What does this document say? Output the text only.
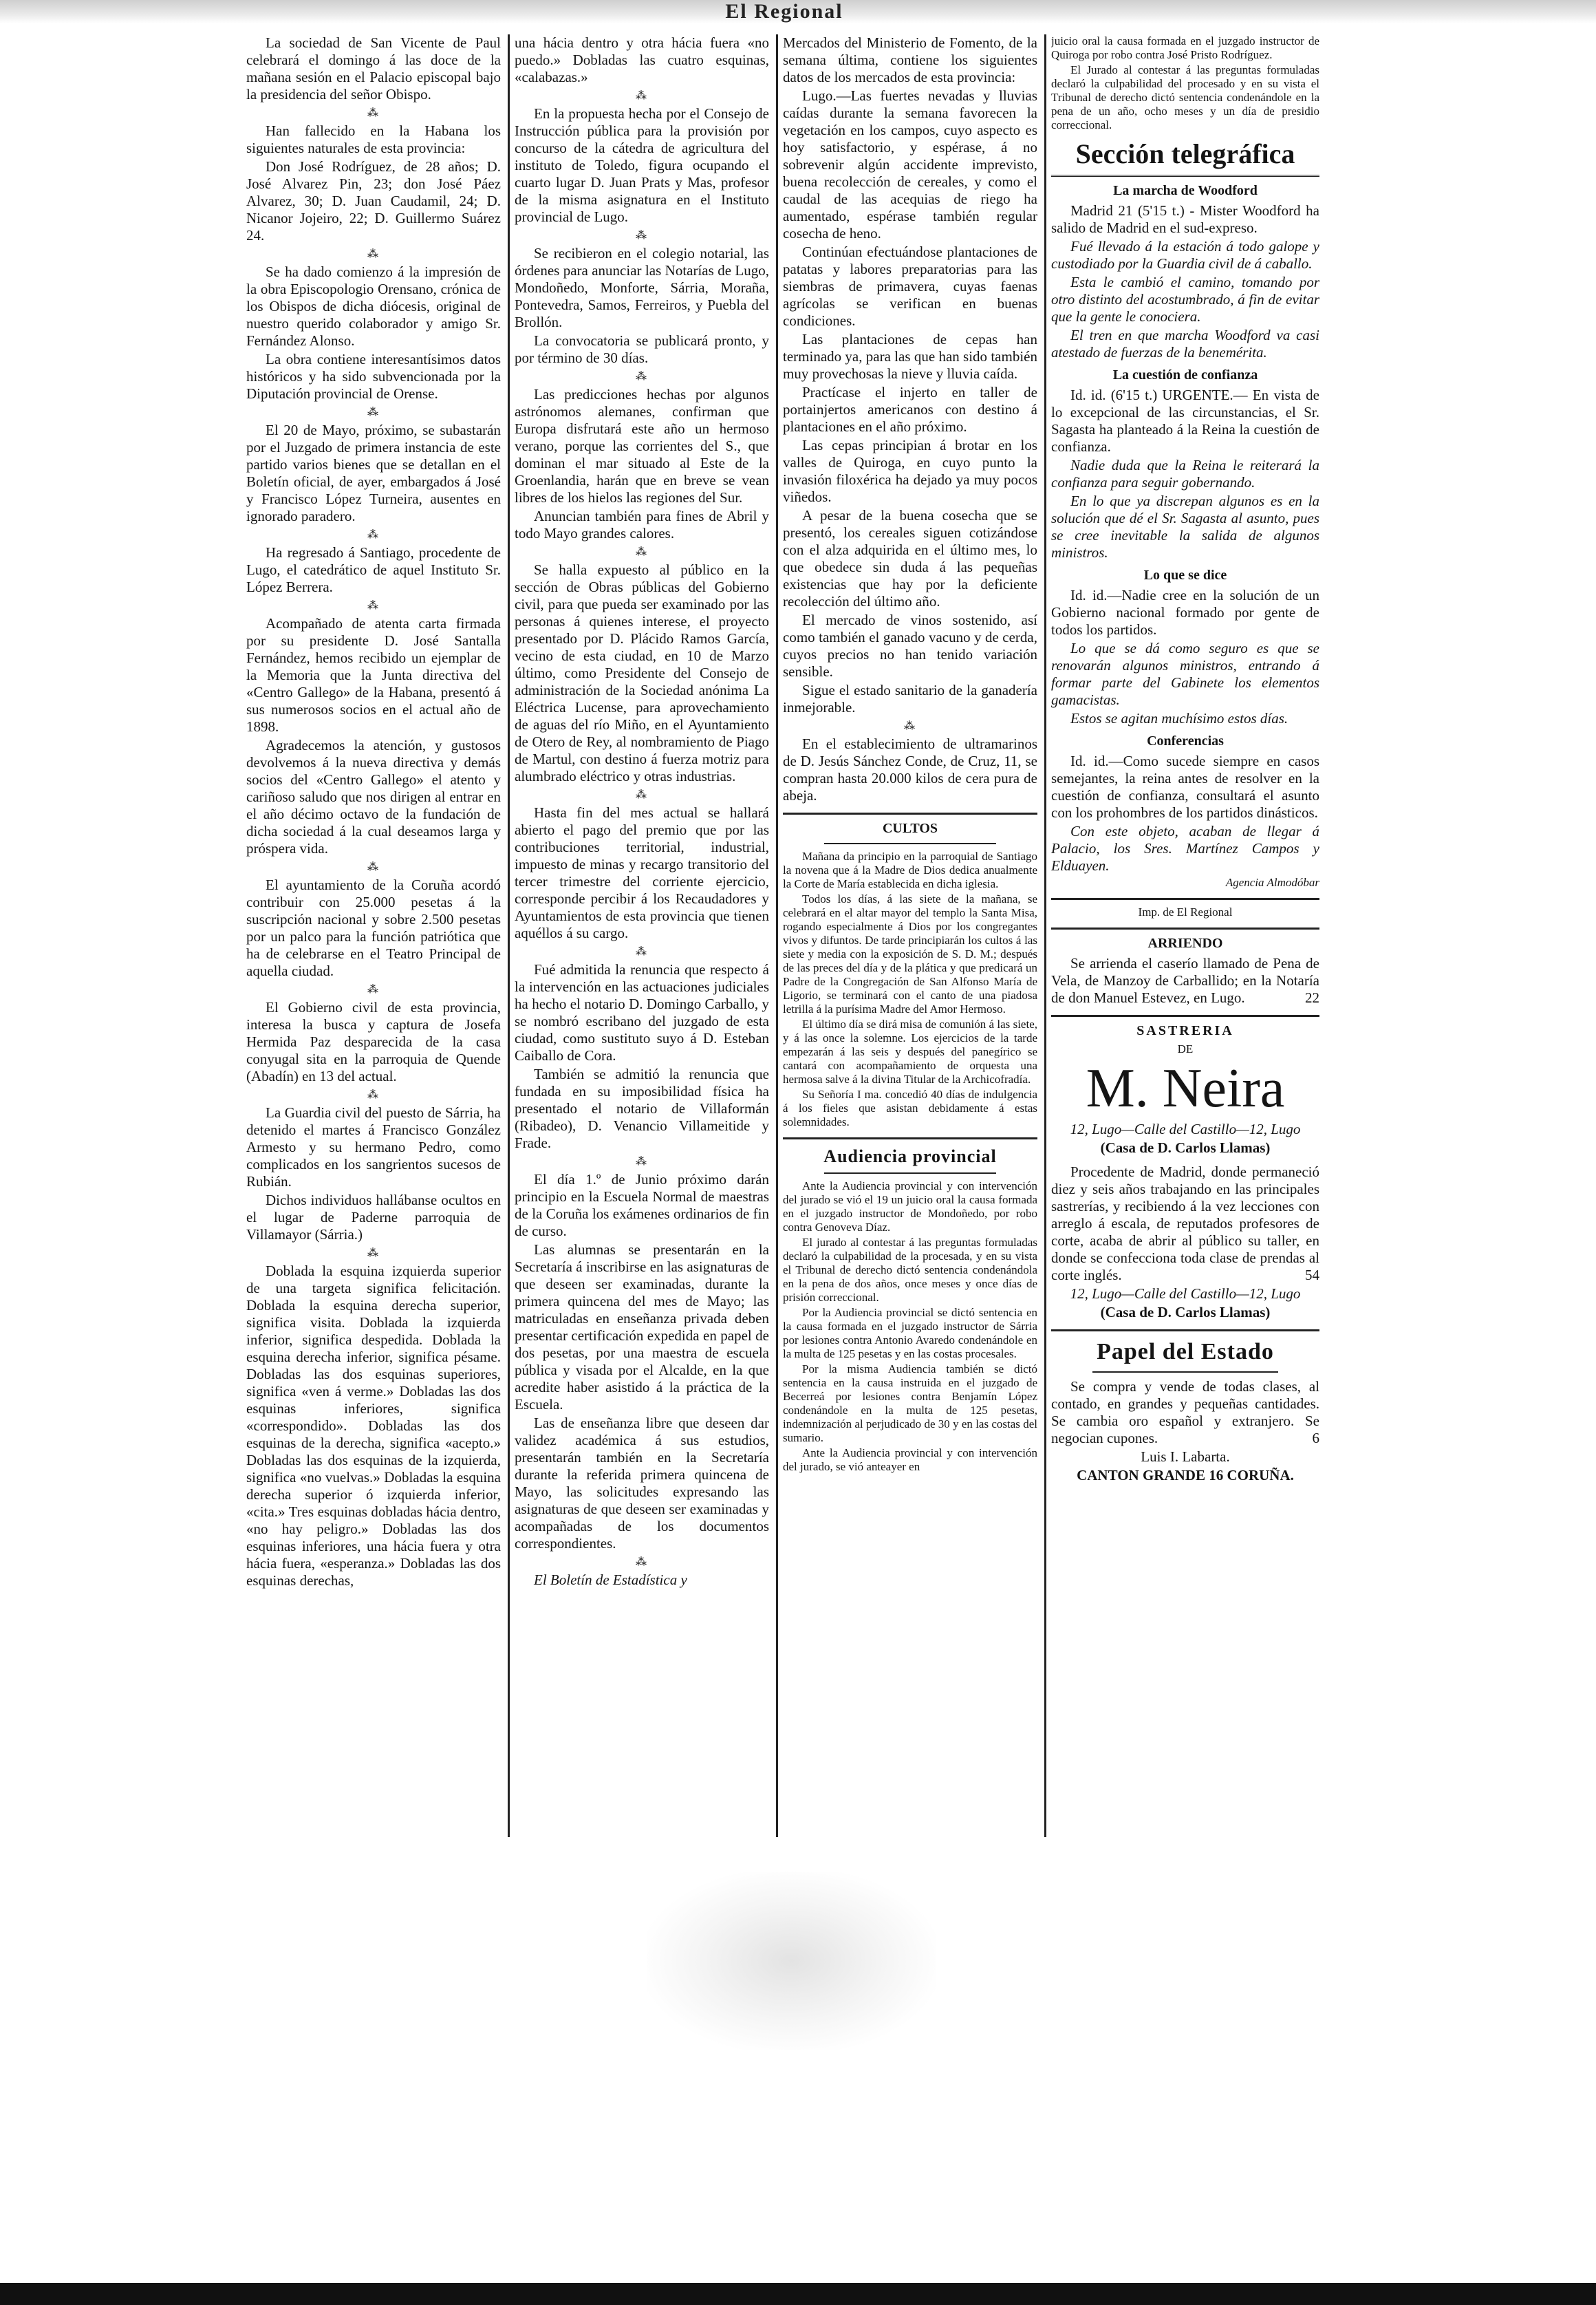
El Regional

La sociedad de San Vicente de Paul celebrará el domingo á las doce de la mañana sesión en el Palacio episcopal bajo la presidencia del señor Obispo.

⁂

Han fallecido en la Habana los siguientes naturales de esta provincia:

Don José Rodríguez, de 28 años; D. José Alvarez Pin, 23; don José Páez Alvarez, 30; D. Juan Caudamil, 24; D. Nicanor Jojeiro, 22; D. Guillermo Suárez 24.

⁂

Se ha dado comienzo á la impresión de la obra Episcopologio Orensano, crónica de los Obispos de dicha diócesis, original de nuestro querido colaborador y amigo Sr. Fernández Alonso.

La obra contiene interesantísimos datos históricos y ha sido subvencionada por la Diputación provincial de Orense.

⁂

El 20 de Mayo, próximo, se subastarán por el Juzgado de primera instancia de este partido varios bienes que se detallan en el Boletín oficial, de ayer, embargados á José y Francisco López Turneira, ausentes en ignorado paradero.

⁂

Ha regresado á Santiago, procedente de Lugo, el catedrático de aquel Instituto Sr. López Berrera.

⁂

Acompañado de atenta carta firmada por su presidente D. José Santalla Fernández, hemos recibido un ejemplar de la Memoria que la Junta directiva del «Centro Gallego» de la Habana, presentó á sus numerosos socios en el actual año de 1898.

Agradecemos la atención, y gustosos devolvemos á la nueva directiva y demás socios del «Centro Gallego» el atento y cariñoso saludo que nos dirigen al entrar en el año décimo octavo de la fundación de dicha sociedad á la cual deseamos larga y próspera vida.

⁂

El ayuntamiento de la Coruña acordó contribuir con 25.000 pesetas á la suscripción nacional y sobre 2.500 pesetas por un palco para la función patriótica que ha de celebrarse en el Teatro Principal de aquella ciudad.

⁂

El Gobierno civil de esta provincia, interesa la busca y captura de Josefa Hermida Paz desparecida de la casa conyugal sita en la parroquia de Quende (Abadín) en 13 del actual.

⁂

La Guardia civil del puesto de Sárria, ha detenido el martes á Francisco González Armesto y su hermano Pedro, como complicados en los sangrientos sucesos de Rubián.

Dichos individuos hallábanse ocultos en el lugar de Paderne parroquia de Villamayor (Sárria.)

⁂

Doblada la esquina izquierda superior de una targeta significa felicitación. Doblada la esquina derecha superior, significa visita. Doblada la izquierda inferior, significa despedida. Doblada la esquina derecha inferior, significa pésame. Dobladas las dos esquinas superiores, significa «ven á verme.» Dobladas las dos esquinas inferiores, significa «correspondido». Dobladas las dos esquinas de la derecha, significa «acepto.» Dobladas las dos esquinas de la izquierda, significa «no vuelvas.» Dobladas la esquina derecha superior ó izquierda inferior, «cita.» Tres esquinas dobladas hácia dentro, «no hay peligro.» Dobladas las dos esquinas inferiores, una hácia fuera y otra hácia fuera, «esperanza.» Dobladas las dos esquinas derechas,

una hácia dentro y otra hácia fuera «no puedo.» Dobladas las cuatro esquinas, «calabazas.»

⁂

En la propuesta hecha por el Consejo de Instrucción pública para la provisión por concurso de la cátedra de agricultura del instituto de Toledo, figura ocupando el cuarto lugar D. Juan Prats y Mas, profesor de la misma asignatura en el Instituto provincial de Lugo.

⁂

Se recibieron en el colegio notarial, las órdenes para anunciar las Notarías de Lugo, Mondoñedo, Monforte, Sárria, Moraña, Pontevedra, Samos, Ferreiros, y Puebla del Brollón.

La convocatoria se publicará pronto, y por término de 30 días.

⁂

Las predicciones hechas por algunos astrónomos alemanes, confirman que Europa disfrutará este año un hermoso verano, porque las corrientes del S., que dominan el mar situado al Este de la Groenlandia, harán que en breve se vean libres de los hielos las regiones del Sur.

Anuncian también para fines de Abril y todo Mayo grandes calores.

⁂

Se halla expuesto al público en la sección de Obras públicas del Gobierno civil, para que pueda ser examinado por las personas á quienes interese, el proyecto presentado por D. Plácido Ramos García, vecino de esta ciudad, en 10 de Marzo último, como Presidente del Consejo de administración de la Sociedad anónima La Eléctrica Lucense, para aprovechamiento de aguas del río Miño, en el Ayuntamiento de Otero de Rey, al nombramiento de Piago de Martul, con destino á fuerza motriz para alumbrado eléctrico y otras industrias.

⁂

Hasta fin del mes actual se hallará abierto el pago del premio que por las contribuciones territorial, industrial, impuesto de minas y recargo transitorio del tercer trimestre del corriente ejercicio, corresponde percibir á los Recaudadores y Ayuntamientos de esta provincia que tienen aquéllos á su cargo.

⁂

Fué admitida la renuncia que respecto á la intervención en las actuaciones judiciales ha hecho el notario D. Domingo Carballo, y se nombró escribano del juzgado de esta ciudad, como sustituto suyo á D. Esteban Caiballo de Cora.

También se admitió la renuncia que fundada en su imposibilidad física ha presentado el notario de Villaformán (Ribadeo), D. Venancio Villameitide y Frade.

⁂

El día 1.º de Junio próximo darán principio en la Escuela Normal de maestras de la Coruña los exámenes ordinarios de fin de curso.

Las alumnas se presentarán en la Secretaría á inscribirse en las asignaturas de que deseen ser examinadas, durante la primera quincena del mes de Mayo; las matriculadas en enseñanza privada deben presentar certificación expedida en papel de dos pesetas, por una maestra de escuela pública y visada por el Alcalde, en la que acredite haber asistido á la práctica de la Escuela.

Las de enseñanza libre que deseen dar validez académica á sus estudios, presentarán también en la Secretaría durante la referida primera quincena de Mayo, las solicitudes expresando las asignaturas de que deseen ser examinadas y acompañadas de los documentos correspondientes.

⁂

El Boletín de Estadística y

Mercados del Ministerio de Fomento, de la semana última, contiene los siguientes datos de los mercados de esta provincia:

Lugo.—Las fuertes nevadas y lluvias caídas durante la semana favorecen la vegetación en los campos, cuyo aspecto es hoy satisfactorio, y espérase, á no sobrevenir algún accidente imprevisto, buena recolección de cereales, y como el caudal de las acequias de riego ha aumentado, espérase también regular cosecha de heno.

Continúan efectuándose plantaciones de patatas y labores preparatorias para las siembras de primavera, cuyas faenas agrícolas se verifican en buenas condiciones.

Las plantaciones de cepas han terminado ya, para las que han sido también muy provechosas la nieve y lluvia caída.

Practícase el injerto en taller de portainjertos americanos con destino á plantaciones en el año próximo.

Las cepas principian á brotar en los valles de Quiroga, en cuyo punto la invasión filoxérica ha dejado ya muy pocos viñedos.

A pesar de la buena cosecha que se presentó, los cereales siguen cotizándose con el alza adquirida en el último mes, lo que obedece sin duda á las pequeñas existencias que hay por la deficiente recolección del último año.

El mercado de vinos sostenido, así como también el ganado vacuno y de cerda, cuyos precios no han tenido variación sensible.

Sigue el estado sanitario de la ganadería inmejorable.

⁂

En el establecimiento de ultramarinos de D. Jesús Sánchez Conde, de Cruz, 11, se compran hasta 20.000 kilos de cera pura de abeja.

CULTOS

Mañana da principio en la parroquial de Santiago la novena que á la Madre de Dios dedica anualmente la Corte de María establecida en dicha iglesia.

Todos los días, á las siete de la mañana, se celebrará en el altar mayor del templo la Santa Misa, rogando especialmente á Dios por los congregantes vivos y difuntos. De tarde principiarán los cultos á las siete y media con la exposición de S. D. M.; después de las preces del día y de la plática y que predicará un Padre de la Congregación de San Alfonso María de Ligorio, se terminará con el canto de una piadosa letrilla á la purísima Madre del Amor Hermoso.

El último día se dirá misa de comunión á las siete, y á las once la solemne. Los ejercicios de la tarde empezarán á las seis y después del panegírico se cantará con acompañamiento de orquesta una hermosa salve á la divina Titular de la Archicofradía.

Su Señoría I ma. concedió 40 días de indulgencia á los fieles que asistan debidamente á estas solemnidades.

Audiencia provincial

Ante la Audiencia provincial y con intervención del jurado se vió el 19 un juicio oral la causa formada en el juzgado instructor de Mondoñedo, por robo contra Genoveva Díaz.

El jurado al contestar á las preguntas formuladas declaró la culpabilidad de la procesada, y en su vista el Tribunal de derecho dictó sentencia condenándola en la pena de dos años, once meses y once días de prisión correccional.

Por la Audiencia provincial se dictó sentencia en la causa formada en el juzgado instructor de Sárria por lesiones contra Antonio Avaredo condenándole en la multa de 125 pesetas y en las costas procesales.

Por la misma Audiencia también se dictó sentencia en la causa instruida en el juzgado de Becerreá por lesiones contra Benjamín López condenándole en la multa de 125 pesetas, indemnización al perjudicado de 30 y en las costas del sumario.

Ante la Audiencia provincial y con intervención del jurado, se vió anteayer en

juicio oral la causa formada en el juzgado instructor de Quiroga por robo contra José Pristo Rodríguez.

El Jurado al contestar á las preguntas formuladas declaró la culpabilidad del procesado y en su vista el Tribunal de derecho dictó sentencia condenándole en la pena de un año, ocho meses y un día de presidio correccional.

Sección telegráfica
La marcha de Woodford

Madrid 21 (5'15 t.) - Mister Woodford ha salido de Madrid en el sud-expreso.

Fué llevado á la estación á todo galope y custodiado por la Guardia civil de á caballo.

Esta le cambió el camino, tomando por otro distinto del acostumbrado, á fin de evitar que la gente le conociera.

El tren en que marcha Woodford va casi atestado de fuerzas de la benemérita.

La cuestión de confianza

Id. id. (6'15 t.) URGENTE.— En vista de lo excepcional de las circunstancias, el Sr. Sagasta ha planteado á la Reina la cuestión de confianza.

Nadie duda que la Reina le reiterará la confianza para seguir gobernando.

En lo que ya discrepan algunos es en la solución que dé el Sr. Sagasta al asunto, pues se cree inevitable la salida de algunos ministros.

Lo que se dice

Id. id.—Nadie cree en la solución de un Gobierno nacional formado por gente de todos los partidos.

Lo que se dá como seguro es que se renovarán algunos ministros, entrando á formar parte del Gabinete los elementos gamacistas.

Estos se agitan muchísimo estos días.

Conferencias

Id. id.—Como sucede siempre en casos semejantes, la reina antes de resolver en la cuestión de confianza, consultará el asunto con los prohombres de los partidos dinásticos.

Con este objeto, acaban de llegar á Palacio, los Sres. Martínez Campos y Elduayen.

Agencia Almodóbar

Imp. de El Regional

ARRIENDO

Se arrienda el caserío llamado de Pena de Vela, de Manzoy de Carballido; en la Notaría de don Manuel Estevez, en Lugo.	22

SASTRERIA
DE
M. Neira

12, Lugo—Calle del Castillo—12, Lugo

(Casa de D. Carlos Llamas)

Procedente de Madrid, donde permaneció diez y seis años trabajando en las principales sastrerías, y recibiendo á la vez lecciones con arreglo á escala, de reputados profesores de corte, acaba de abrir al público su taller, en donde se confecciona toda clase de prendas al corte inglés.	54

12, Lugo—Calle del Castillo—12, Lugo

(Casa de D. Carlos Llamas)

Papel del Estado

Se compra y vende de todas clases, al contado, en grandes y pequeñas cantidades. Se cambia oro español y extranjero. Se negocian cupones.	6

Luis I. Labarta.

CANTON GRANDE 16 CORUÑA.
